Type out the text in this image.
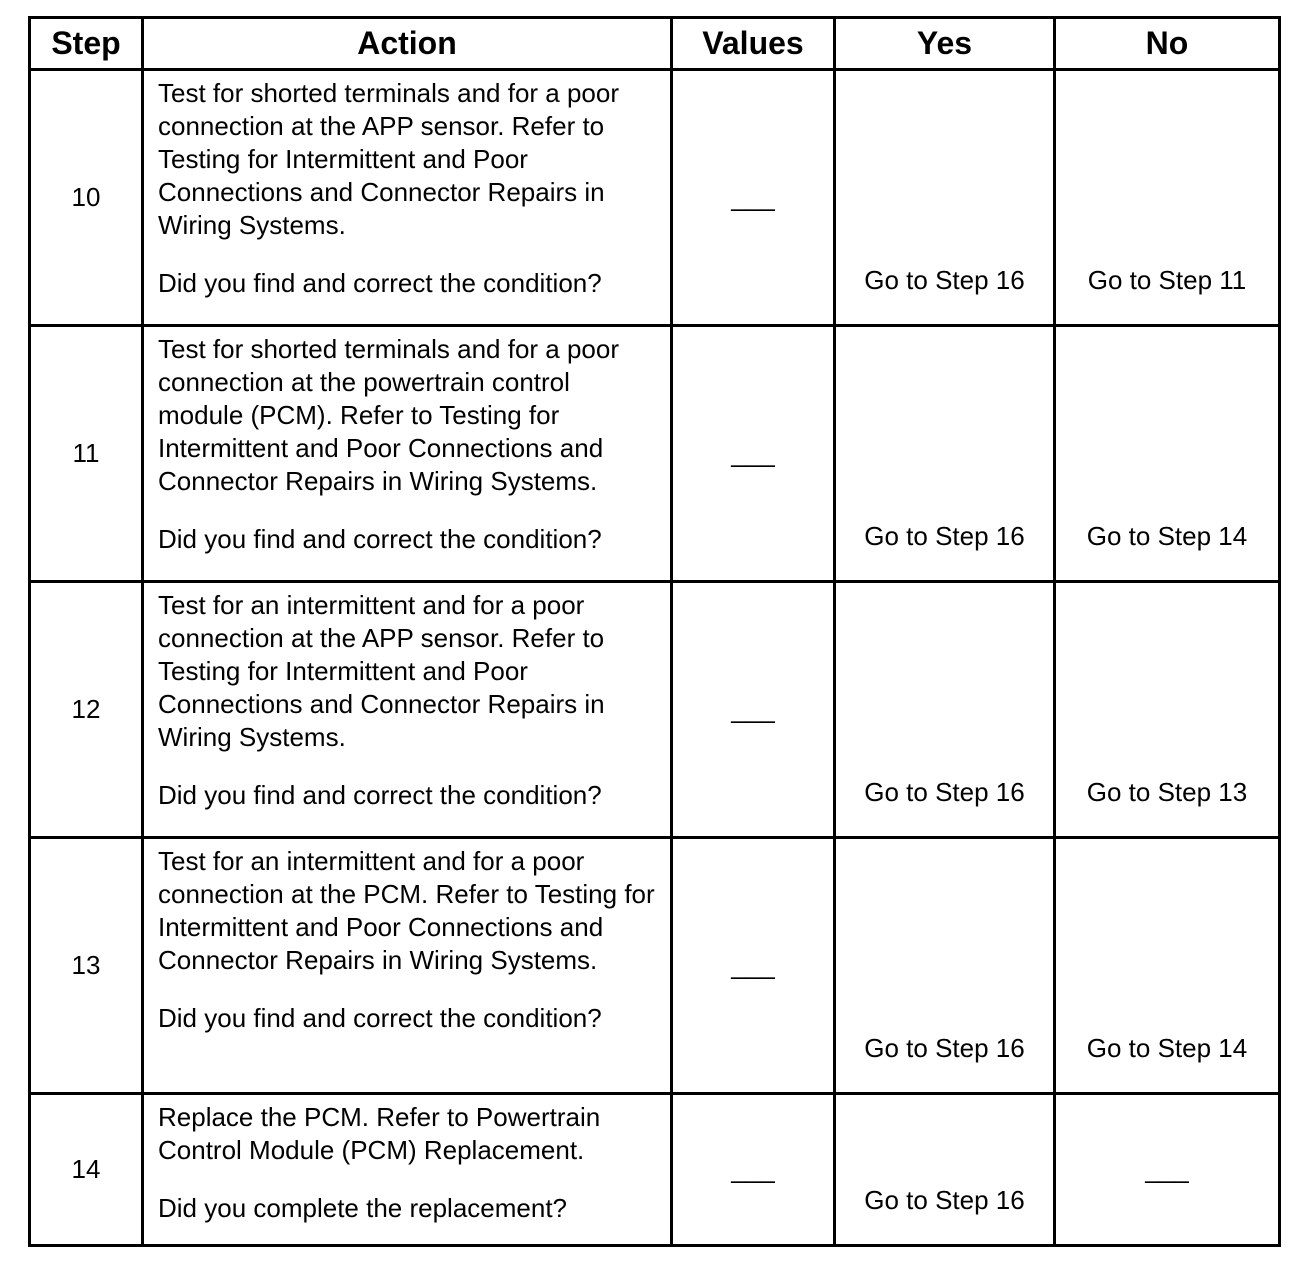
Step	Action	Values	Yes	No
10	Test for shorted terminals and for a poor connection at the APP sensor. Refer to Testing for Intermittent and Poor Connections and Connector Repairs in Wiring Systems.
Did you find and correct the condition?	___	Go to Step 16	Go to Step 11
11	Test for shorted terminals and for a poor connection at the powertrain control module (PCM). Refer to Testing for Intermittent and Poor Connections and Connector Repairs in Wiring Systems.
Did you find and correct the condition?	___	Go to Step 16	Go to Step 14
12	Test for an intermittent and for a poor connection at the APP sensor. Refer to Testing for Intermittent and Poor Connections and Connector Repairs in Wiring Systems.
Did you find and correct the condition?	___	Go to Step 16	Go to Step 13
13	Test for an intermittent and for a poor connection at the PCM. Refer to Testing for Intermittent and Poor Connections and Connector Repairs in Wiring Systems.
Did you find and correct the condition?	___	Go to Step 16	Go to Step 14
14	Replace the PCM. Refer to Powertrain Control Module (PCM) Replacement.
Did you complete the replacement?	___	Go to Step 16	___
